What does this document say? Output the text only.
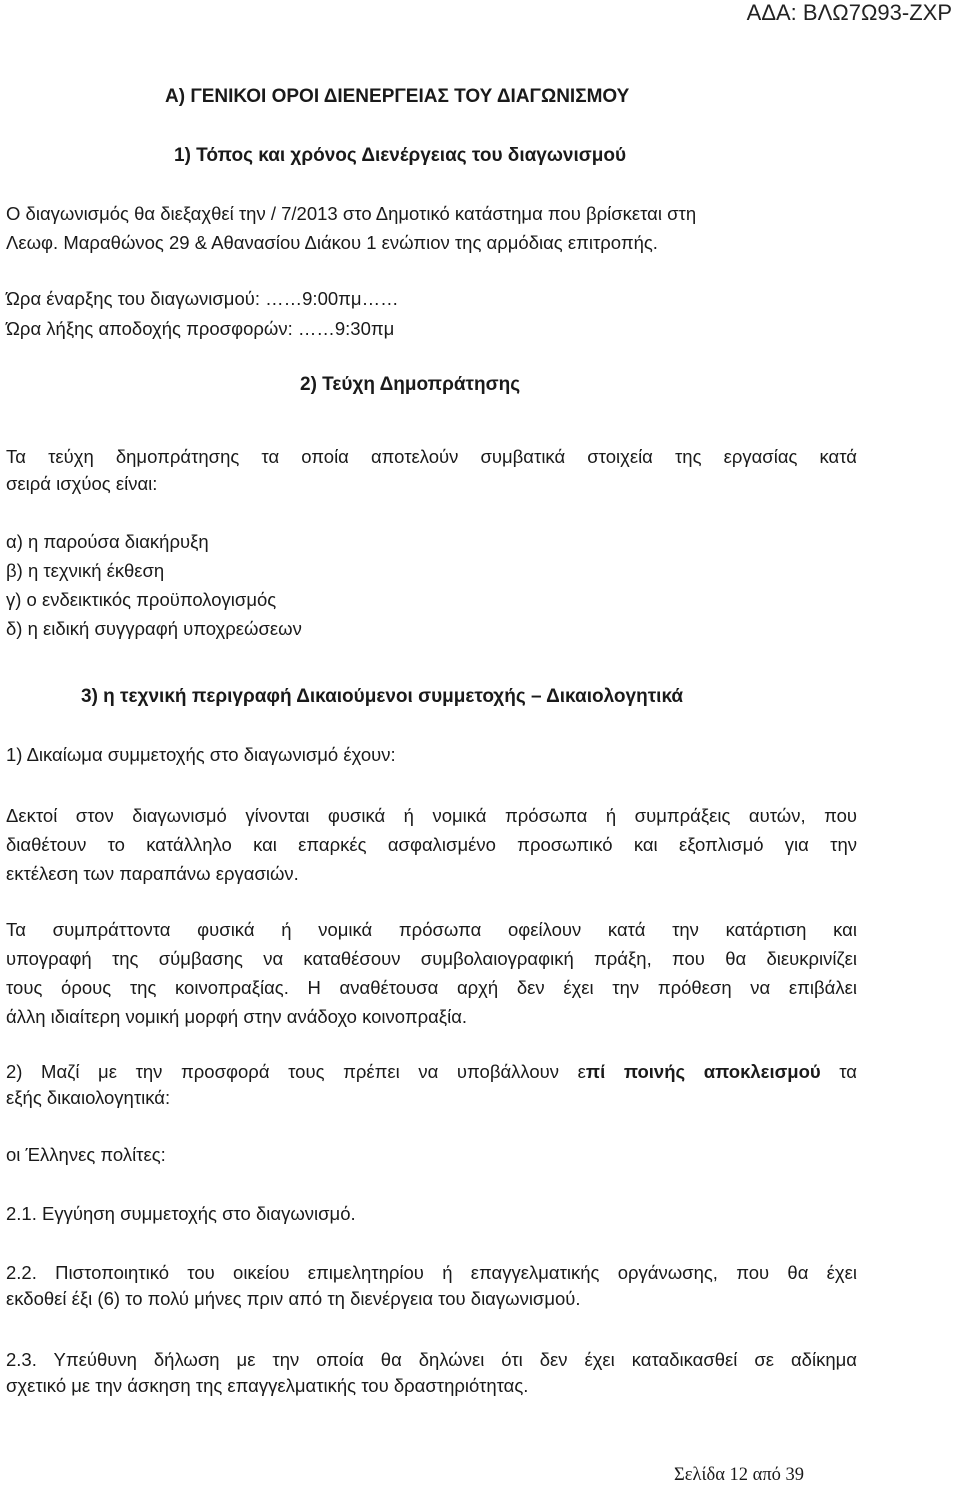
ΑΔΑ: ΒΛΩ7Ω93-ΖΧΡ
Α) ΓΕΝΙΚΟΙ ΟΡΟΙ ΔΙΕΝΕΡΓΕΙΑΣ ΤΟΥ ΔΙΑΓΩΝΙΣΜΟΥ
1) Τόπος και χρόνος Διενέργειας του διαγωνισμού
Ο διαγωνισμός θα διεξαχθεί την / 7/2013 στο Δημοτικό κατάστημα που βρίσκεται στη
Λεωφ. Μαραθώνος 29 & Αθανασίου Διάκου 1 ενώπιον της αρμόδιας επιτροπής.
Ώρα έναρξης του διαγωνισμού: ……9:00πμ……
Ώρα λήξης αποδοχής προσφορών: ……9:30πμ
2) Τεύχη Δημοπράτησης
Τα τεύχη δημοπράτησης τα οποία αποτελούν συμβατικά στοιχεία της εργασίας κατά
σειρά ισχύος είναι:
α) η παρούσα διακήρυξη
β) η τεχνική έκθεση
γ) ο ενδεικτικός προϋπολογισμός
δ) η ειδική συγγραφή υποχρεώσεων
3) η τεχνική περιγραφή Δικαιούμενοι συμμετοχής – Δικαιολογητικά
1) Δικαίωμα συμμετοχής στο διαγωνισμό έχουν:
Δεκτοί στον διαγωνισμό γίνονται φυσικά ή νομικά πρόσωπα ή συμπράξεις αυτών, που
διαθέτουν το κατάλληλο και επαρκές ασφαλισμένο προσωπικό και εξοπλισμό για την
εκτέλεση των παραπάνω εργασιών.
Τα συμπράττοντα φυσικά ή νομικά πρόσωπα οφείλουν κατά την κατάρτιση και
υπογραφή της σύμβασης να καταθέσουν συμβολαιογραφική πράξη, που θα διευκρινίζει
τους όρους της κοινοπραξίας. Η αναθέτουσα αρχή δεν έχει την πρόθεση να επιβάλει
άλλη ιδιαίτερη νομική μορφή στην ανάδοχο κοινοπραξία.
2) Μαζί με την προσφορά τους πρέπει να υποβάλλουν επί ποινής αποκλεισμού τα
εξής δικαιολογητικά:
οι Έλληνες πολίτες:
2.1. Εγγύηση συμμετοχής στο διαγωνισμό.
2.2. Πιστοποιητικό του οικείου επιμελητηρίου ή επαγγελματικής οργάνωσης, που θα έχει
εκδοθεί έξι (6) το πολύ μήνες πριν από τη διενέργεια του διαγωνισμού.
2.3. Υπεύθυνη δήλωση με την οποία θα δηλώνει ότι δεν έχει καταδικασθεί σε αδίκημα
σχετικό με την άσκηση της επαγγελματικής του δραστηριότητας.
Σελίδα 12 από 39
